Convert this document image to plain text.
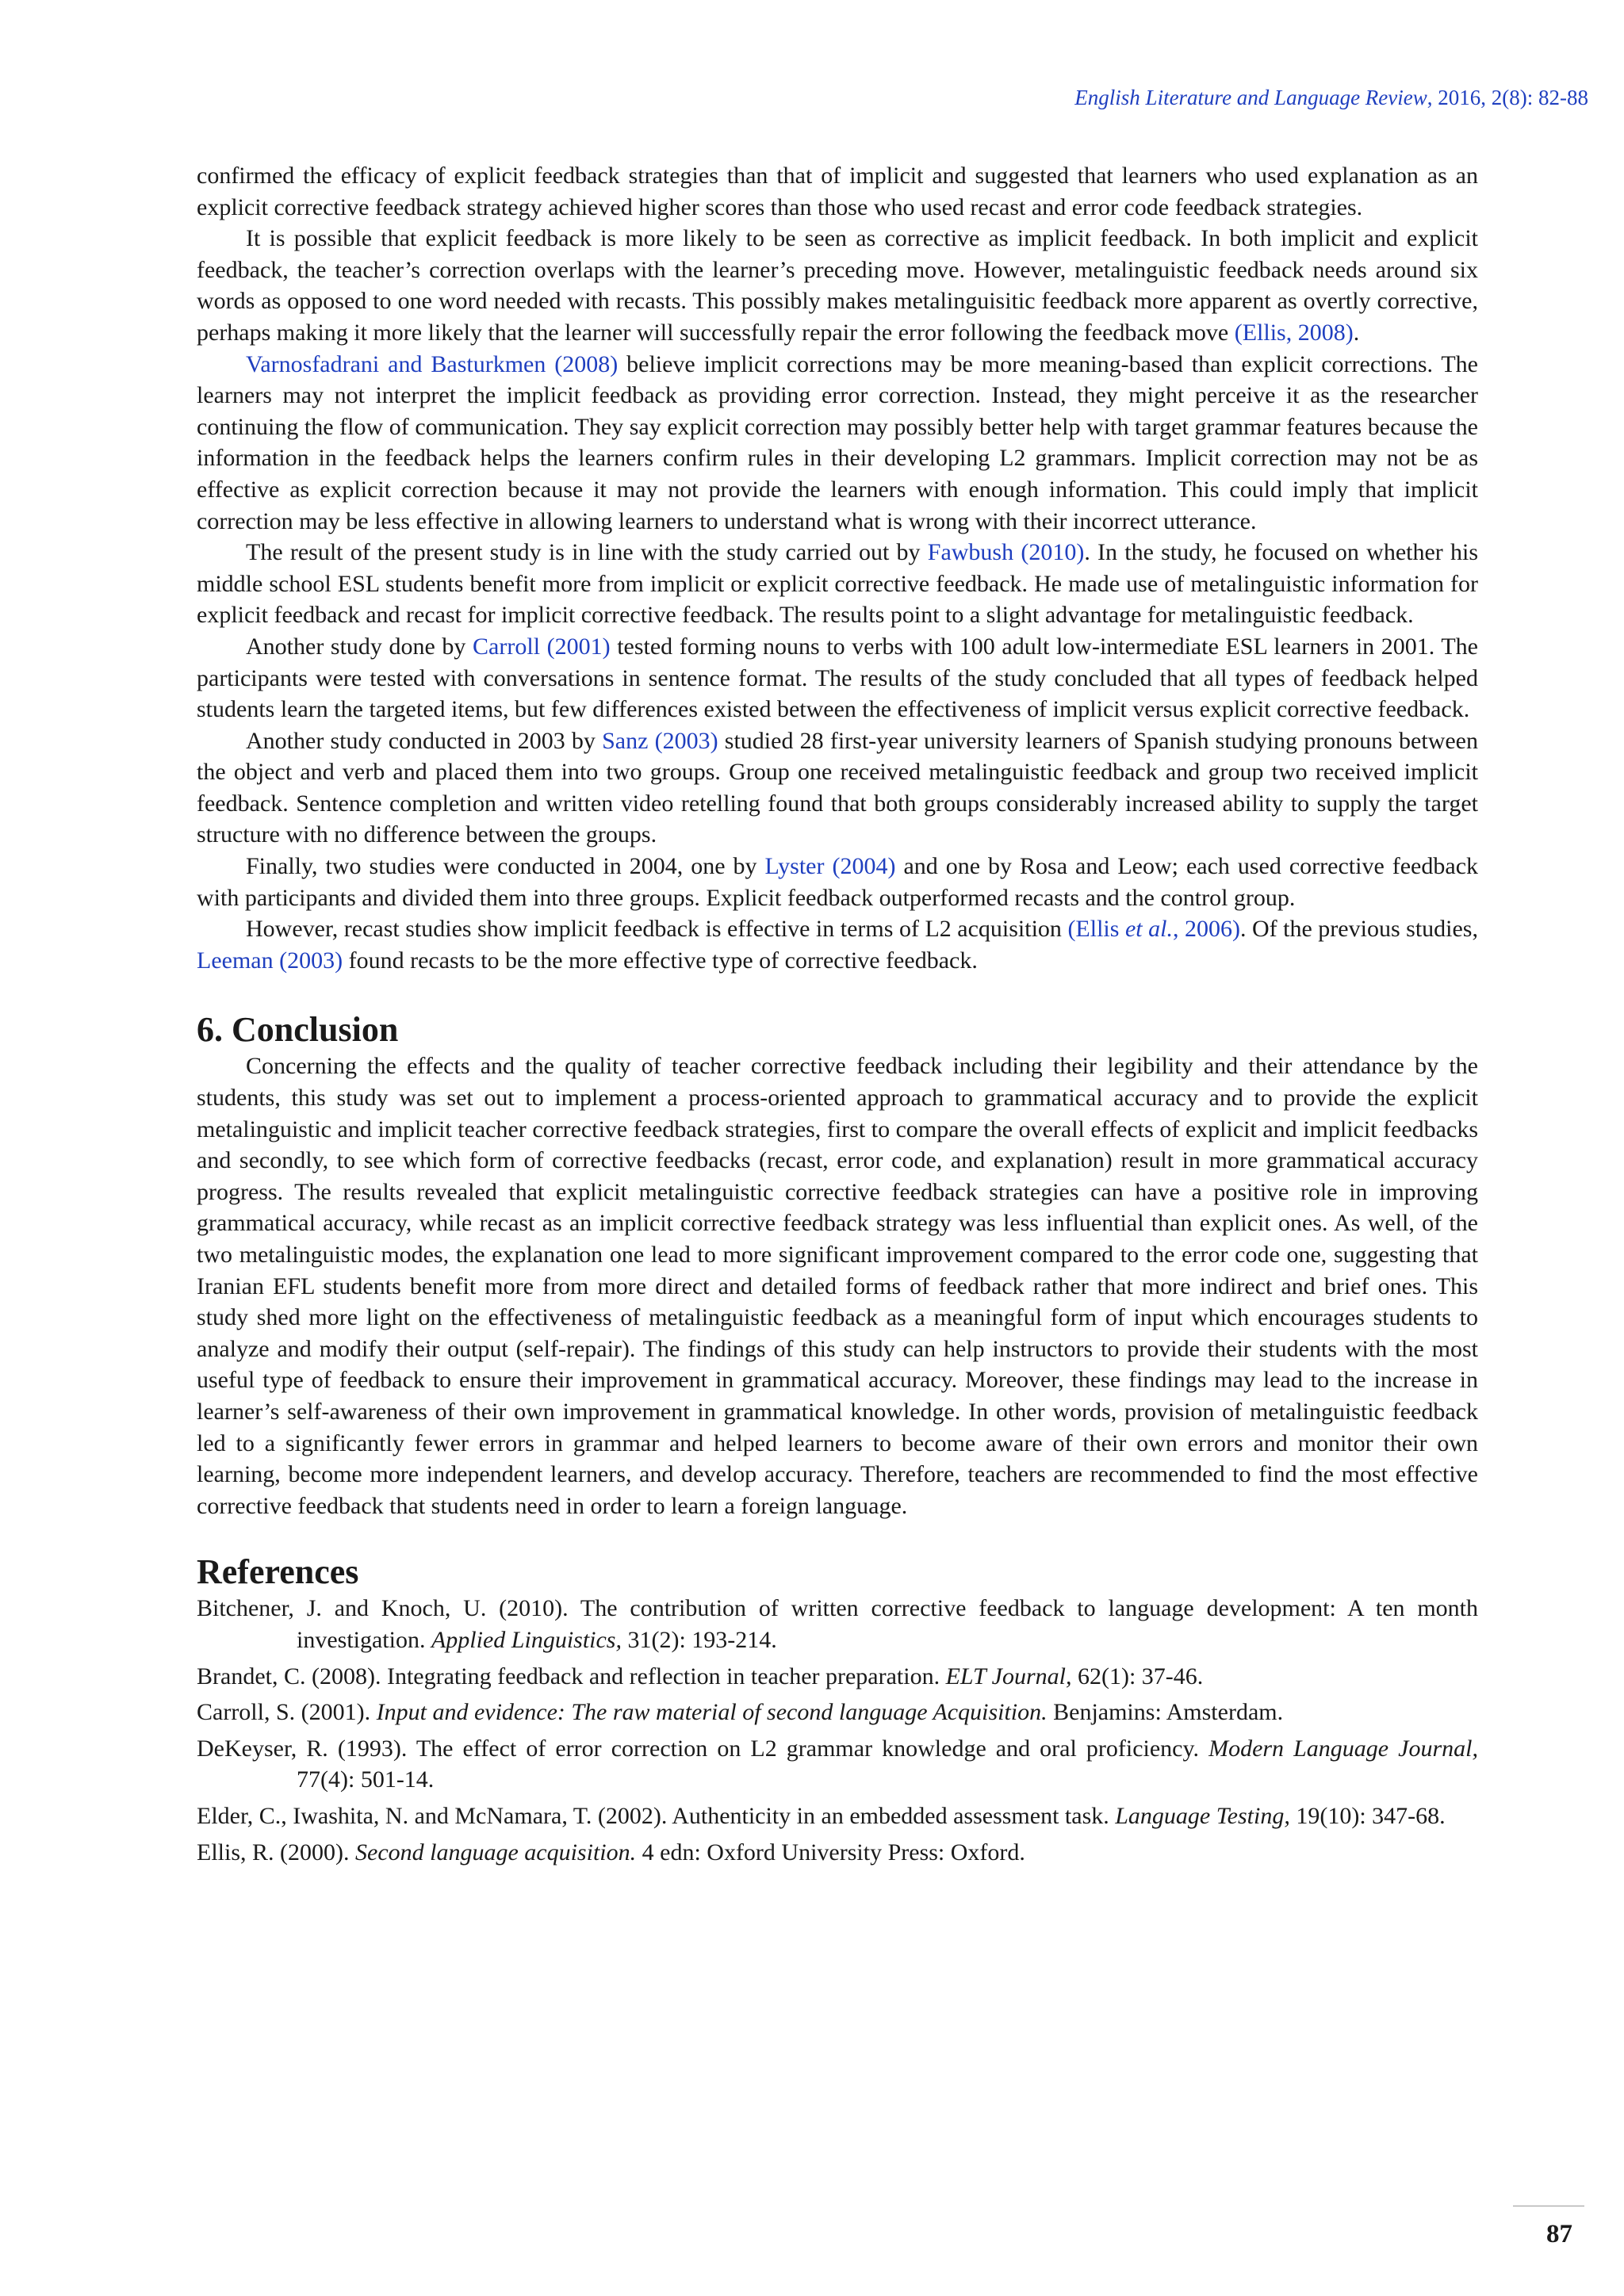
English Literature and Language Review, 2016, 2(8): 82-88

confirmed the efficacy of explicit feedback strategies than that of implicit and suggested that learners who used explanation as an explicit corrective feedback strategy achieved higher scores than those who used recast and error code feedback strategies.

It is possible that explicit feedback is more likely to be seen as corrective as implicit feedback. In both implicit and explicit feedback, the teacher’s correction overlaps with the learner’s preceding move. However, metalinguistic feedback needs around six words as opposed to one word needed with recasts. This possibly makes metalinguisitic feedback more apparent as overtly corrective, perhaps making it more likely that the learner will successfully repair the error following the feedback move (Ellis, 2008).

Varnosfadrani and Basturkmen (2008) believe implicit corrections may be more meaning-based than explicit corrections. The learners may not interpret the implicit feedback as providing error correction. Instead, they might perceive it as the researcher continuing the flow of communication. They say explicit correction may possibly better help with target grammar features because the information in the feedback helps the learners confirm rules in their developing L2 grammars. Implicit correction may not be as effective as explicit correction because it may not provide the learners with enough information. This could imply that implicit correction may be less effective in allowing learners to understand what is wrong with their incorrect utterance.

The result of the present study is in line with the study carried out by Fawbush (2010). In the study, he focused on whether his middle school ESL students benefit more from implicit or explicit corrective feedback. He made use of metalinguistic information for explicit feedback and recast for implicit corrective feedback. The results point to a slight advantage for metalinguistic feedback.

Another study done by Carroll (2001) tested forming nouns to verbs with 100 adult low-intermediate ESL learners in 2001. The participants were tested with conversations in sentence format. The results of the study concluded that all types of feedback helped students learn the targeted items, but few differences existed between the effectiveness of implicit versus explicit corrective feedback.

Another study conducted in 2003 by Sanz (2003) studied 28 first-year university learners of Spanish studying pronouns between the object and verb and placed them into two groups. Group one received metalinguistic feedback and group two received implicit feedback. Sentence completion and written video retelling found that both groups considerably increased ability to supply the target structure with no difference between the groups.

Finally, two studies were conducted in 2004, one by Lyster (2004) and one by Rosa and Leow; each used corrective feedback with participants and divided them into three groups. Explicit feedback outperformed recasts and the control group.

However, recast studies show implicit feedback is effective in terms of L2 acquisition (Ellis et al., 2006). Of the previous studies, Leeman (2003) found recasts to be the more effective type of corrective feedback.

6. Conclusion

Concerning the effects and the quality of teacher corrective feedback including their legibility and their attendance by the students, this study was set out to implement a process-oriented approach to grammatical accuracy and to provide the explicit metalinguistic and implicit teacher corrective feedback strategies, first to compare the overall effects of explicit and implicit feedbacks and secondly, to see which form of corrective feedbacks (recast, error code, and explanation) result in more grammatical accuracy progress. The results revealed that explicit metalinguistic corrective feedback strategies can have a positive role in improving grammatical accuracy, while recast as an implicit corrective feedback strategy was less influential than explicit ones. As well, of the two metalinguistic modes, the explanation one lead to more significant improvement compared to the error code one, suggesting that Iranian EFL students benefit more from more direct and detailed forms of feedback rather that more indirect and brief ones. This study shed more light on the effectiveness of metalinguistic feedback as a meaningful form of input which encourages students to analyze and modify their output (self-repair). The findings of this study can help instructors to provide their students with the most useful type of feedback to ensure their improvement in grammatical accuracy. Moreover, these findings may lead to the increase in learner’s self-awareness of their own improvement in grammatical knowledge. In other words, provision of metalinguistic feedback led to a significantly fewer errors in grammar and helped learners to become aware of their own errors and monitor their own learning, become more independent learners, and develop accuracy. Therefore, teachers are recommended to find the most effective corrective feedback that students need in order to learn a foreign language.

References

Bitchener, J. and Knoch, U. (2010). The contribution of written corrective feedback to language development: A ten month investigation. Applied Linguistics, 31(2): 193-214.

Brandet, C. (2008). Integrating feedback and reflection in teacher preparation. ELT Journal, 62(1): 37-46.

Carroll, S. (2001). Input and evidence: The raw material of second language Acquisition. Benjamins: Amsterdam.

DeKeyser, R. (1993). The effect of error correction on L2 grammar knowledge and oral proficiency. Modern Language Journal, 77(4): 501-14.

Elder, C., Iwashita, N. and McNamara, T. (2002). Authenticity in an embedded assessment task. Language Testing, 19(10): 347-68.

Ellis, R. (2000). Second language acquisition. 4 edn: Oxford University Press: Oxford.

87
